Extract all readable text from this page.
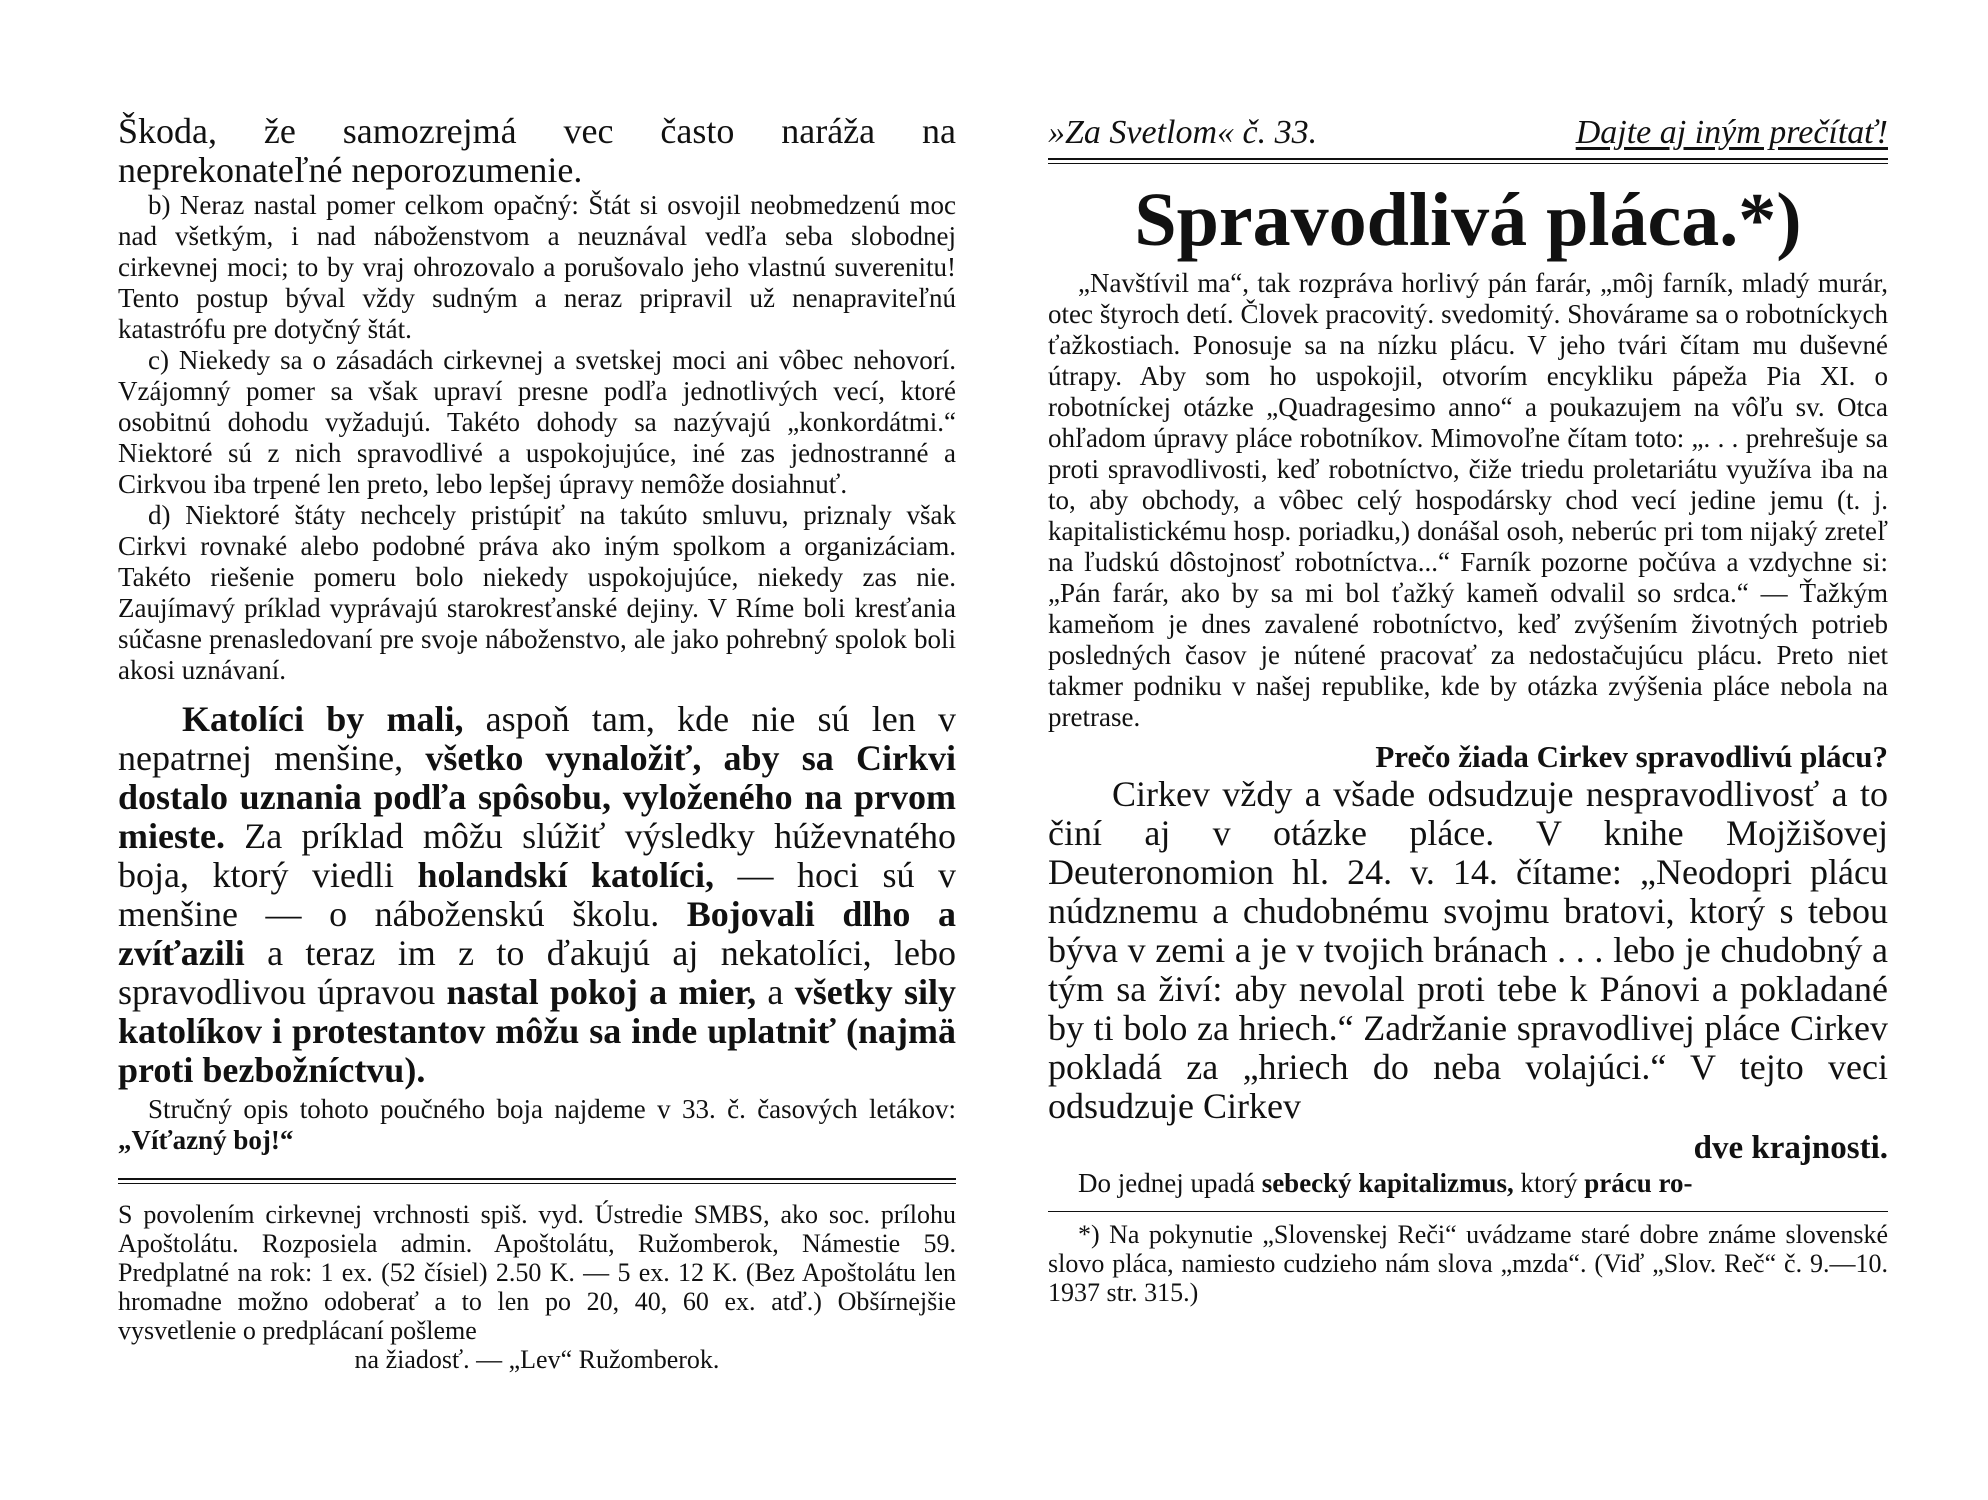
Škoda, že samozrejmá vec často naráža na neprekonateľné neporozumenie.

b) Neraz nastal pomer celkom opačný: Štát si osvojil neobmedzenú moc nad všetkým, i nad náboženstvom a neuznával vedľa seba slobodnej cirkevnej moci; to by vraj ohrozovalo a porušovalo jeho vlastnú suverenitu! Tento postup býval vždy sudným a neraz pripravil už nenapraviteľnú katastrófu pre dotyčný štát.

c) Niekedy sa o zásadách cirkevnej a svetskej moci ani vôbec nehovorí. Vzájomný pomer sa však upraví presne podľa jednotlivých vecí, ktoré osobitnú dohodu vyžadujú. Takéto dohody sa nazývajú „konkordátmi.“ Niektoré sú z nich spravodlivé a uspokojujúce, iné zas jednostranné a Cirkvou iba trpené len preto, lebo lepšej úpravy nemôže dosiahnuť.

d) Niektoré štáty nechcely pristúpiť na takúto smluvu, priznaly však Cirkvi rovnaké alebo podobné práva ako iným spolkom a organizáciam. Takéto riešenie pomeru bolo niekedy uspokojujúce, niekedy zas nie. Zaujímavý príklad vyprávajú starokresťanské dejiny. V Ríme boli kresťania súčasne prenasledovaní pre svoje náboženstvo, ale jako pohrebný spolok boli akosi uznávaní.

Katolíci by mali, aspoň tam, kde nie sú len v nepatrnej menšine, všetko vynaložiť, aby sa Cirkvi dostalo uznania podľa spôsobu, vyloženého na prvom mieste. Za príklad môžu slúžiť výsledky húževnatého boja, ktorý viedli holandskí katolíci, — hoci sú v menšine — o náboženskú školu. Bojovali dlho a zvíťazili a teraz im z to ďakujú aj nekatolíci, lebo spravodlivou úpravou nastal pokoj a mier, a všetky sily katolíkov i protestantov môžu sa inde uplatniť (najmä proti bezbožníctvu).

Stručný opis tohoto poučného boja najdeme v 33. č. časových letákov: „Víťazný boj!“

S povolením cirkevnej vrchnosti spiš. vyd. Ústredie SMBS, ako soc. prílohu Apoštolátu. Rozposiela admin. Apoštolátu, Ružomberok, Námestie 59. Predplatné na rok: 1 ex. (52 čísiel) 2.50 K. — 5 ex. 12 K. (Bez Apoštolátu len hromadne možno odoberať a to len po 20, 40, 60 ex. atď.) Obšírnejšie vysvetlenie o predplácaní pošleme

na žiadosť. — „Lev“ Ružomberok.

»Za Svetlom« č. 33.	Dajte aj iným prečítať!
Spravodlivá pláca.*)

„Navštívil ma“, tak rozpráva horlivý pán farár, „môj farník, mladý murár, otec štyroch detí. Človek pracovitý. svedomitý. Shovárame sa o robotníckych ťažkostiach. Ponosuje sa na nízku plácu. V jeho tvári čítam mu duševné útrapy. Aby som ho uspokojil, otvorím encykliku pápeža Pia XI. o robotníckej otázke „Quadragesimo anno“ a poukazujem na vôľu sv. Otca ohľadom úpravy pláce robotníkov. Mimovoľne čítam toto: „. . . prehrešuje sa proti spravodlivosti, keď robotníctvo, čiže triedu proletariátu využíva iba na to, aby obchody, a vôbec celý hospodársky chod vecí jedine jemu (t. j. kapitalistickému hosp. poriadku,) donášal osoh, neberúc pri tom nijaký zreteľ na ľudskú dôstojnosť robotníctva...“ Farník pozorne počúva a vzdychne si: „Pán farár, ako by sa mi bol ťažký kameň odvalil so srdca.“ — Ťažkým kameňom je dnes zavalené robotníctvo, keď zvýšením životných potrieb posledných časov je nútené pracovať za nedostačujúcu plácu. Preto niet takmer podniku v našej republike, kde by otázka zvýšenia pláce nebola na pretrase.

Prečo žiada Cirkev spravodlivú plácu?

Cirkev vždy a všade odsudzuje nespravodlivosť a to činí aj v otázke pláce. V knihe Mojžišovej Deuteronomion hl. 24. v. 14. čítame: „Neodopri plácu núdznemu a chudobnému svojmu bratovi, ktorý s tebou býva v zemi a je v tvojich bránach . . . lebo je chudobný a tým sa živí: aby nevolal proti tebe k Pánovi a pokladané by ti bolo za hriech.“ Zadržanie spravodlivej pláce Cirkev pokladá za „hriech do neba volajúci.“ V tejto veci odsudzuje Cirkev

dve krajnosti.

Do jednej upadá sebecký kapitalizmus, ktorý prácu ro-

*) Na pokynutie „Slovenskej Reči“ uvádzame staré dobre známe slovenské slovo pláca, namiesto cudzieho nám slova „mzda“. (Viď „Slov. Reč“ č. 9.—10. 1937 str. 315.)
